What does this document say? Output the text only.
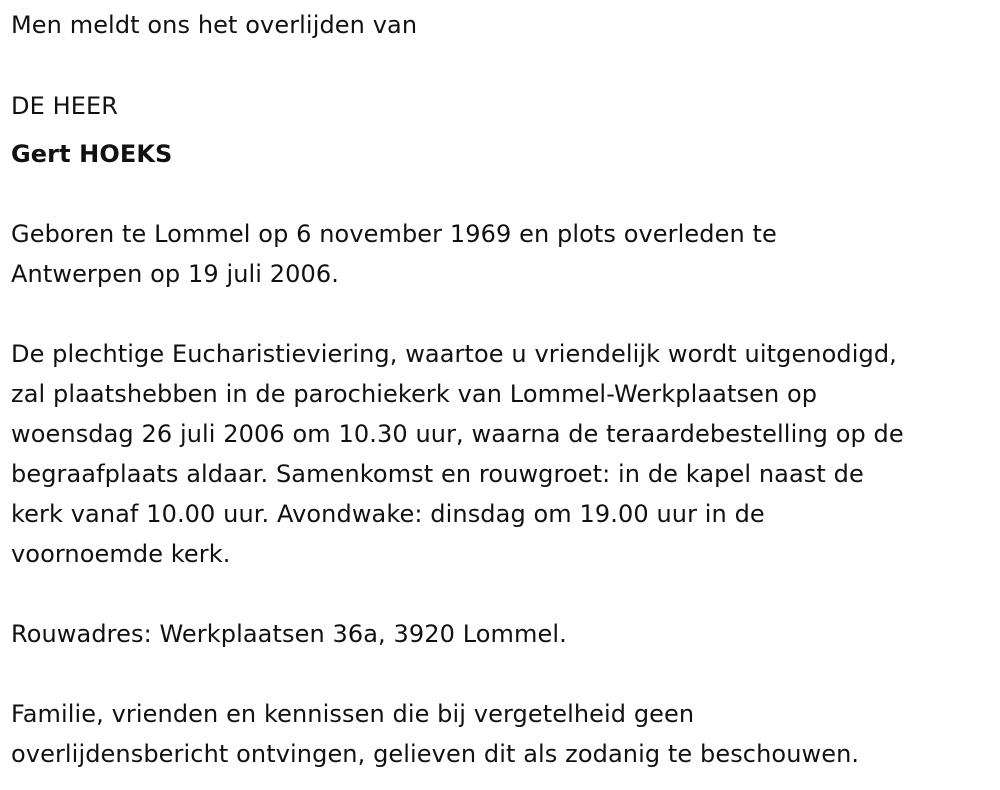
Men meldt ons het overlijden van
DE HEER
Gert HOEKS
Geboren te Lommel op 6 november 1969 en plots overleden te
Antwerpen op 19 juli 2006.
De plechtige Eucharistieviering, waartoe u vriendelijk wordt uitgenodigd,
zal plaatshebben in de parochiekerk van Lommel-Werkplaatsen op
woensdag 26 juli 2006 om 10.30 uur, waarna de teraardebestelling op de
begraafplaats aldaar. Samenkomst en rouwgroet: in de kapel naast de
kerk vanaf 10.00 uur. Avondwake: dinsdag om 19.00 uur in de
voornoemde kerk.
Rouwadres: Werkplaatsen 36a, 3920 Lommel.
Familie, vrienden en kennissen die bij vergetelheid geen
overlijdensbericht ontvingen, gelieven dit als zodanig te beschouwen.
